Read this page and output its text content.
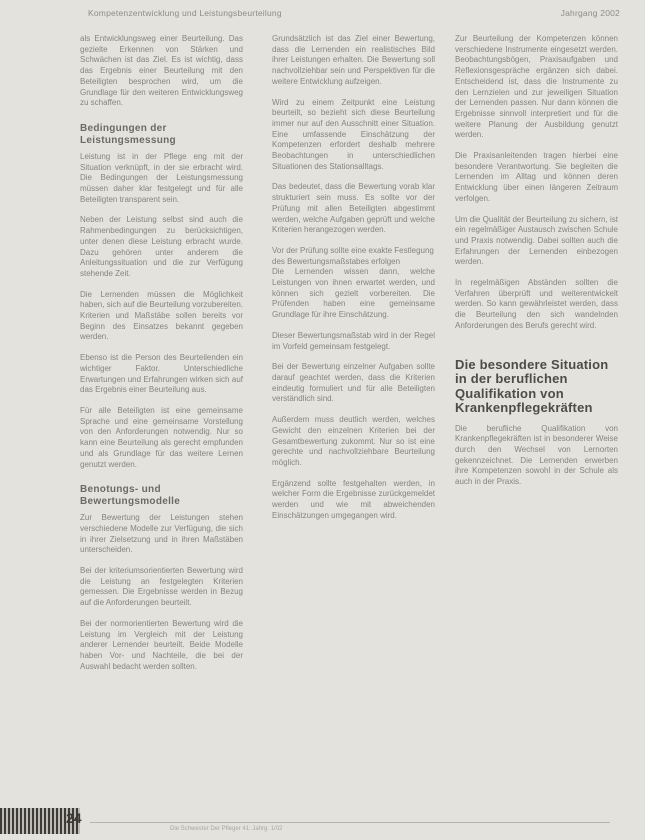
Kompetenzentwicklung und Leistungsbeurteilung	Jahrgang 2002
als Entwicklungsweg einer Beurteilung. Das gezielte Erkennen von Stärken und Schwächen ist das Ziel. Es ist wichtig, dass das Ergebnis einer Beurteilung mit den Beteiligten besprochen wird, um die Grundlage für den weiteren Entwicklungsweg zu schaffen.
Bedingungen der Leistungsmessung
Leistung ist in der Pflege eng mit der Situation verknüpft, in der sie erbracht wird. Die Bedingungen der Leistungsmessung müssen daher klar festgelegt und für alle Beteiligten transparent sein.
Neben der Leistung selbst sind auch die Rahmenbedingungen zu berücksichtigen, unter denen diese Leistung erbracht wurde. Dazu gehören unter anderem die Anleitungssituation und die zur Verfügung stehende Zeit.
Die Lernenden müssen die Möglichkeit haben, sich auf die Beurteilung vorzubereiten. Kriterien und Maßstäbe sollen bereits vor Beginn des Einsatzes bekannt gegeben werden.
Ebenso ist die Person des Beurteilenden ein wichtiger Faktor. Unterschiedliche Erwartungen und Erfahrungen wirken sich auf das Ergebnis einer Beurteilung aus.
Für alle Beteiligten ist eine gemeinsame Sprache und eine gemeinsame Vorstellung von den Anforderungen notwendig. Nur so kann eine Beurteilung als gerecht empfunden und als Grundlage für das weitere Lernen genutzt werden.
Benotungs- und Bewertungsmodelle
Zur Bewertung der Leistungen stehen verschiedene Modelle zur Verfügung, die sich in ihrer Zielsetzung und in ihren Maßstäben unterscheiden.
Bei der kriteriumsorientierten Bewertung wird die Leistung an festgelegten Kriterien gemessen. Die Ergebnisse werden in Bezug auf die Anforderungen beurteilt.
Bei der normorientierten Bewertung wird die Leistung im Vergleich mit der Leistung anderer Lernender beurteilt. Beide Modelle haben Vor- und Nachteile, die bei der Auswahl bedacht werden sollten.
Grundsätzlich ist das Ziel einer Bewertung, dass die Lernenden ein realistisches Bild ihrer Leistungen erhalten. Die Bewertung soll nachvollziehbar sein und Perspektiven für die weitere Entwicklung aufzeigen.
Wird zu einem Zeitpunkt eine Leistung beurteilt, so bezieht sich diese Beurteilung immer nur auf den Ausschnitt einer Situation. Eine umfassende Einschätzung der Kompetenzen erfordert deshalb mehrere Beobachtungen in unterschiedlichen Situationen des Stationsalltags.
Das bedeutet, dass die Bewertung vorab klar strukturiert sein muss. Es sollte vor der Prüfung mit allen Beteiligten abgestimmt werden, welche Aufgaben geprüft und welche Kriterien herangezogen werden.
Vor der Prüfung sollte eine exakte Festlegung des Bewertungsmaßstabes erfolgen
Die Lernenden wissen dann, welche Leistungen von ihnen erwartet werden, und können sich gezielt vorbereiten. Die Prüfenden haben eine gemeinsame Grundlage für ihre Einschätzung.
Dieser Bewertungsmaßstab wird in der Regel im Vorfeld gemeinsam festgelegt.
Bei der Bewertung einzelner Aufgaben sollte darauf geachtet werden, dass die Kriterien eindeutig formuliert und für alle Beteiligten verständlich sind.
Außerdem muss deutlich werden, welches Gewicht den einzelnen Kriterien bei der Gesamtbewertung zukommt. Nur so ist eine gerechte und nachvollziehbare Beurteilung möglich.
Ergänzend sollte festgehalten werden, in welcher Form die Ergebnisse zurückgemeldet werden und wie mit abweichenden Einschätzungen umgegangen wird.
Zur Beurteilung der Kompetenzen können verschiedene Instrumente eingesetzt werden. Beobachtungsbögen, Praxisaufgaben und Reflexionsgespräche ergänzen sich dabei. Entscheidend ist, dass die Instrumente zu den Lernzielen und zur jeweiligen Situation der Lernenden passen. Nur dann können die Ergebnisse sinnvoll interpretiert und für die weitere Planung der Ausbildung genutzt werden.
Die Praxisanleitenden tragen hierbei eine besondere Verantwortung. Sie begleiten die Lernenden im Alltag und können deren Entwicklung über einen längeren Zeitraum verfolgen.
Um die Qualität der Beurteilung zu sichern, ist ein regelmäßiger Austausch zwischen Schule und Praxis notwendig. Dabei sollten auch die Erfahrungen der Lernenden einbezogen werden.
In regelmäßigen Abständen sollten die Verfahren überprüft und weiterentwickelt werden. So kann gewährleistet werden, dass die Beurteilung den sich wandelnden Anforderungen des Berufs gerecht wird.
Die besondere Situation in der beruflichen Qualifikation von Krankenpflegekräften
Die berufliche Qualifikation von Krankenpflegekräften ist in besonderer Weise durch den Wechsel von Lernorten gekennzeichnet. Die Lernenden erwerben ihre Kompetenzen sowohl in der Schule als auch in der Praxis.
24
Die Schwester Der Pfleger 41. Jahrg. 1/02
